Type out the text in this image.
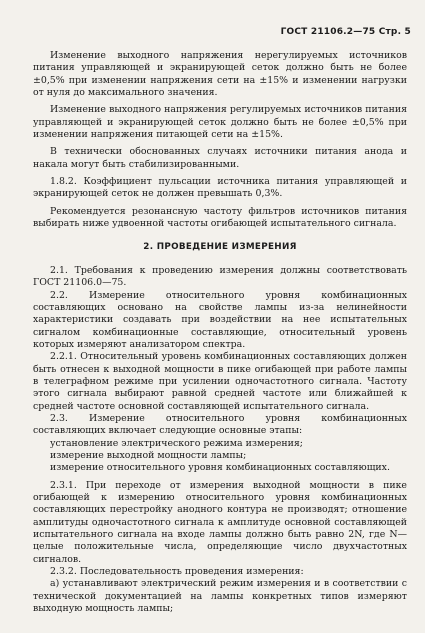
ГОСТ 21106.2—75 Стр. 5

Изменение выходного напряжения нерегулируемых источников питания управляющей и экранирующей сеток должно быть не более ±0,5% при изменении напряжения сети на ±15% и изменении нагрузки от нуля до максимального значения.

Изменение выходного напряжения регулируемых источников питания управляющей и экранирующей сеток должно быть не более ±0,5% при изменении напряжения питающей сети на ±15%.

В технически обоснованных случаях источники питания анода и накала могут быть стабилизированными.

1.8.2. Коэффициент пульсации источника питания управляющей и экранирующей сеток не должен превышать 0,3%.

Рекомендуется резонансную частоту фильтров источников питания выбирать ниже удвоенной частоты огибающей испытательного сигнала.

2. ПРОВЕДЕНИЕ ИЗМЕРЕНИЯ

2.1. Требования к проведению измерения должны соответствовать ГОСТ 21106.0—75.

2.2. Измерение относительного уровня комбинационных составляющих основано на свойстве лампы из-за нелинейности характеристики создавать при воздействии на нее испытательных сигналом комбинационные составляющие, относительный уровень которых измеряют анализатором спектра.

2.2.1. Относительный уровень комбинационных составляющих должен быть отнесен к выходной мощности в пике огибающей при работе лампы в телеграфном режиме при усилении одночастотного сигнала. Частоту этого сигнала выбирают равной средней частоте или ближайшей к средней частоте основной составляющей испытательного сигнала.

2.3. Измерение относительного уровня комбинационных составляющих включает следующие основные этапы:

установление электрического режима измерения;

измерение выходной мощности лампы;

измерение относительного уровня комбинационных составляющих.

2.3.1. При переходе от измерения выходной мощности в пике огибающей к измерению относительного уровня комбинационных составляющих перестройку анодного контура не производят; отношение амплитуды одночастотного сигнала к амплитуде основной составляющей испытательного сигнала на входе лампы должно быть равно 2N, где N—целые положительные числа, определяющие число двухчастотных сигналов.

2.3.2. Последовательность проведения измерения:

а) устанавливают электрический режим измерения и в соответствии с технической документацией на лампы конкретных типов измеряют выходную мощность лампы;
